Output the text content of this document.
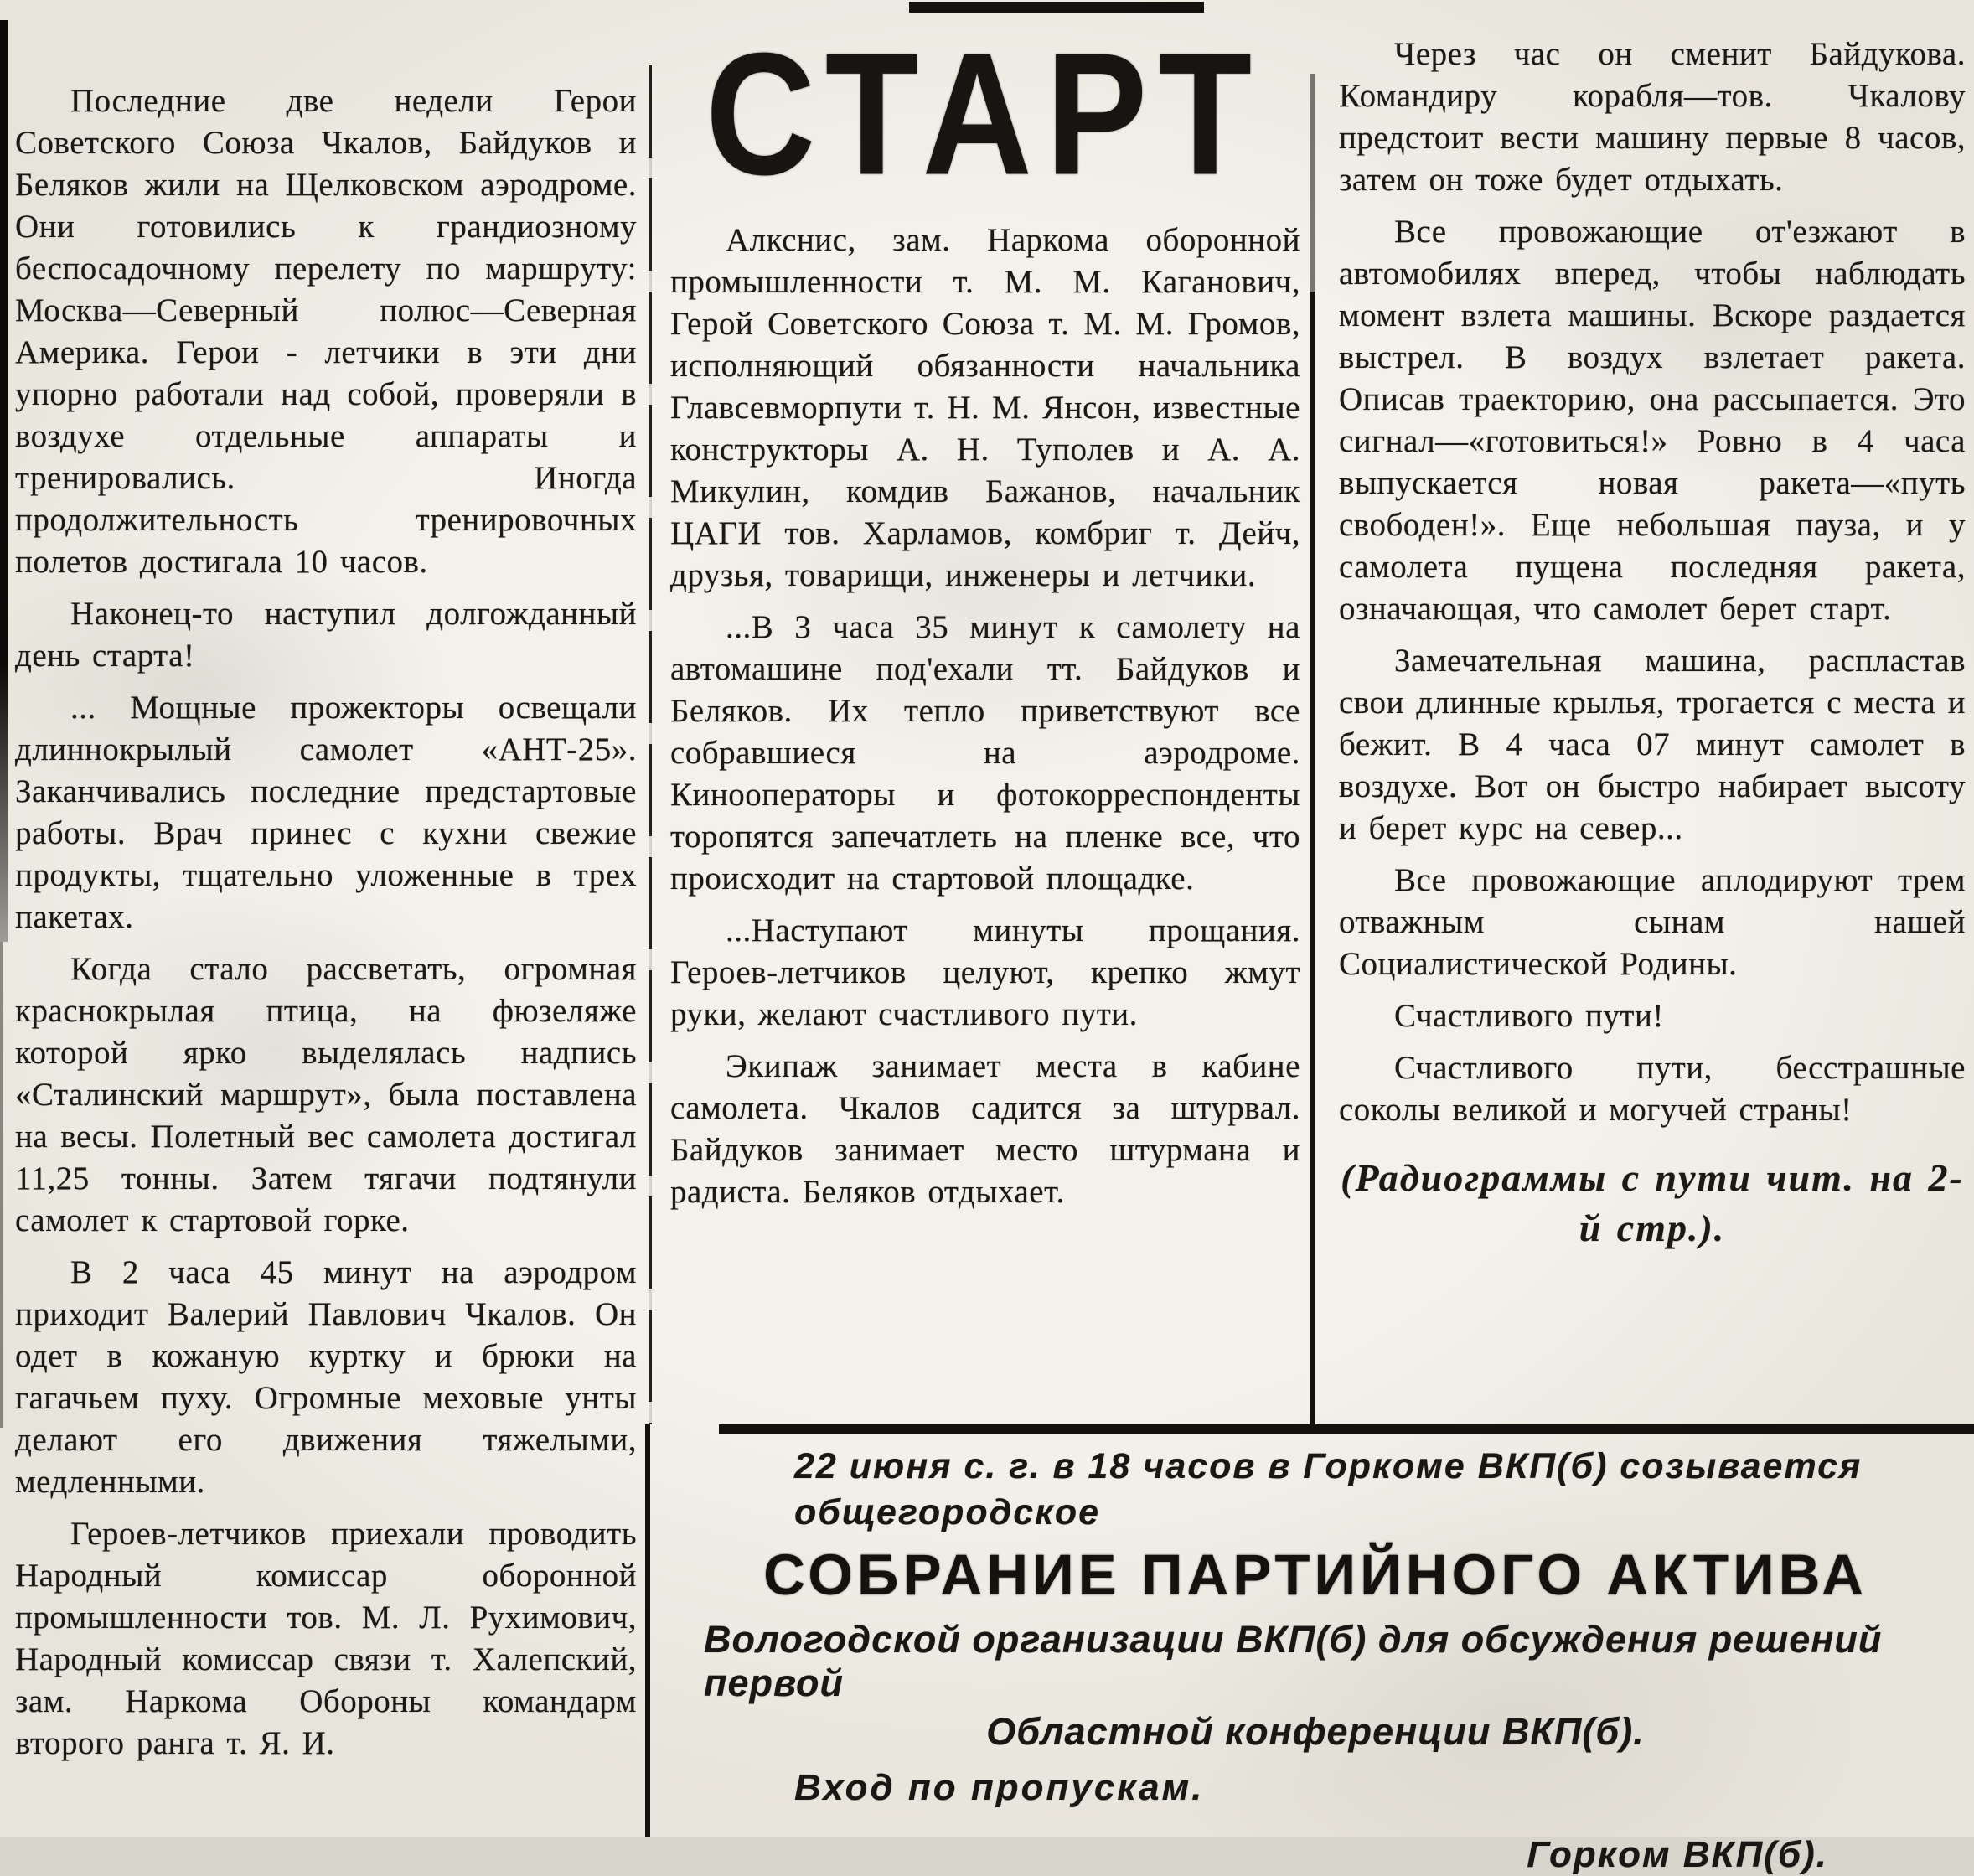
СТАРТ

Последние две недели Герои Советского Союза Чкалов, Байдуков и Беляков жили на Щелковском аэродроме. Они готовились к грандиозному беспосадочному перелету по маршруту: Москва—Северный полюс—Северная Америка. Герои - летчики в эти дни упорно работали над собой, проверяли в воздухе отдельные аппараты и тренировались. Иногда продолжительность тренировочных полетов достигала 10 часов.

Наконец-то наступил долгожданный день старта!

... Мощные прожекторы освещали длиннокрылый самолет «АНТ-25». Заканчивались последние предстартовые работы. Врач принес с кухни свежие продукты, тщательно уложенные в трех пакетах.

Когда стало рассветать, огромная краснокрылая птица, на фюзеляже которой ярко выделялась надпись «Сталинский маршрут», была поставлена на весы. Полетный вес самолета достигал 11,25 тонны. Затем тягачи подтянули самолет к стартовой горке.

В 2 часа 45 минут на аэродром приходит Валерий Павлович Чкалов. Он одет в кожаную куртку и брюки на гагачьем пуху. Огромные меховые унты делают его движения тяжелыми, медленными.

Героев-летчиков приехали проводить Народный комиссар оборонной промышленности тов. М. Л. Рухимович, Народный комиссар связи т. Халепский, зам. Наркома Обороны командарм второго ранга т. Я. И.

Алкснис, зам. Наркома оборонной промышленности т. М. М. Каганович, Герой Советского Союза т. М. М. Громов, исполняющий обязанности начальника Главсевморпути т. Н. М. Янсон, известные конструкторы А. Н. Туполев и А. А. Микулин, комдив Бажанов, начальник ЦАГИ тов. Харламов, комбриг т. Дейч, друзья, товарищи, инженеры и летчики.

...В 3 часа 35 минут к самолету на автомашине под'ехали тт. Байдуков и Беляков. Их тепло приветствуют все собравшиеся на аэродроме. Кинооператоры и фотокорреспонденты торопятся запечатлеть на пленке все, что происходит на стартовой площадке.

...Наступают минуты прощания. Героев-летчиков целуют, крепко жмут руки, желают счастливого пути.

Экипаж занимает места в кабине самолета. Чкалов садится за штурвал. Байдуков занимает место штурмана и радиста. Беляков отдыхает.

Через час он сменит Байдукова. Командиру корабля—тов. Чкалову предстоит вести машину первые 8 часов, затем он тоже будет отдыхать.

Все провожающие от'езжают в автомобилях вперед, чтобы наблюдать момент взлета машины. Вскоре раздается выстрел. В воздух взлетает ракета. Описав траекторию, она рассыпается. Это сигнал—«готовиться!» Ровно в 4 часа выпускается новая ракета—«путь свободен!». Еще небольшая пауза, и у самолета пущена последняя ракета, означающая, что самолет берет старт.

Замечательная машина, распластав свои длинные крылья, трогается с места и бежит. В 4 часа 07 минут самолет в воздухе. Вот он быстро набирает высоту и берет курс на север...

Все провожающие аплодируют трем отважным сынам нашей Социалистической Родины.

Счастливого пути!

Счастливого пути, бесстрашные соколы великой и могучей страны!

(Радиограммы с пути чит. на 2-й стр.).

22 июня с. г. в 18 часов в Горкоме ВКП(б) созывается

общегородское

СОБРАНИЕ ПАРТИЙНОГО АКТИВА

Вологодской организации ВКП(б) для обсуждения решений первой

Областной конференции ВКП(б).

Вход по пропускам.

Горком ВКП(б).
